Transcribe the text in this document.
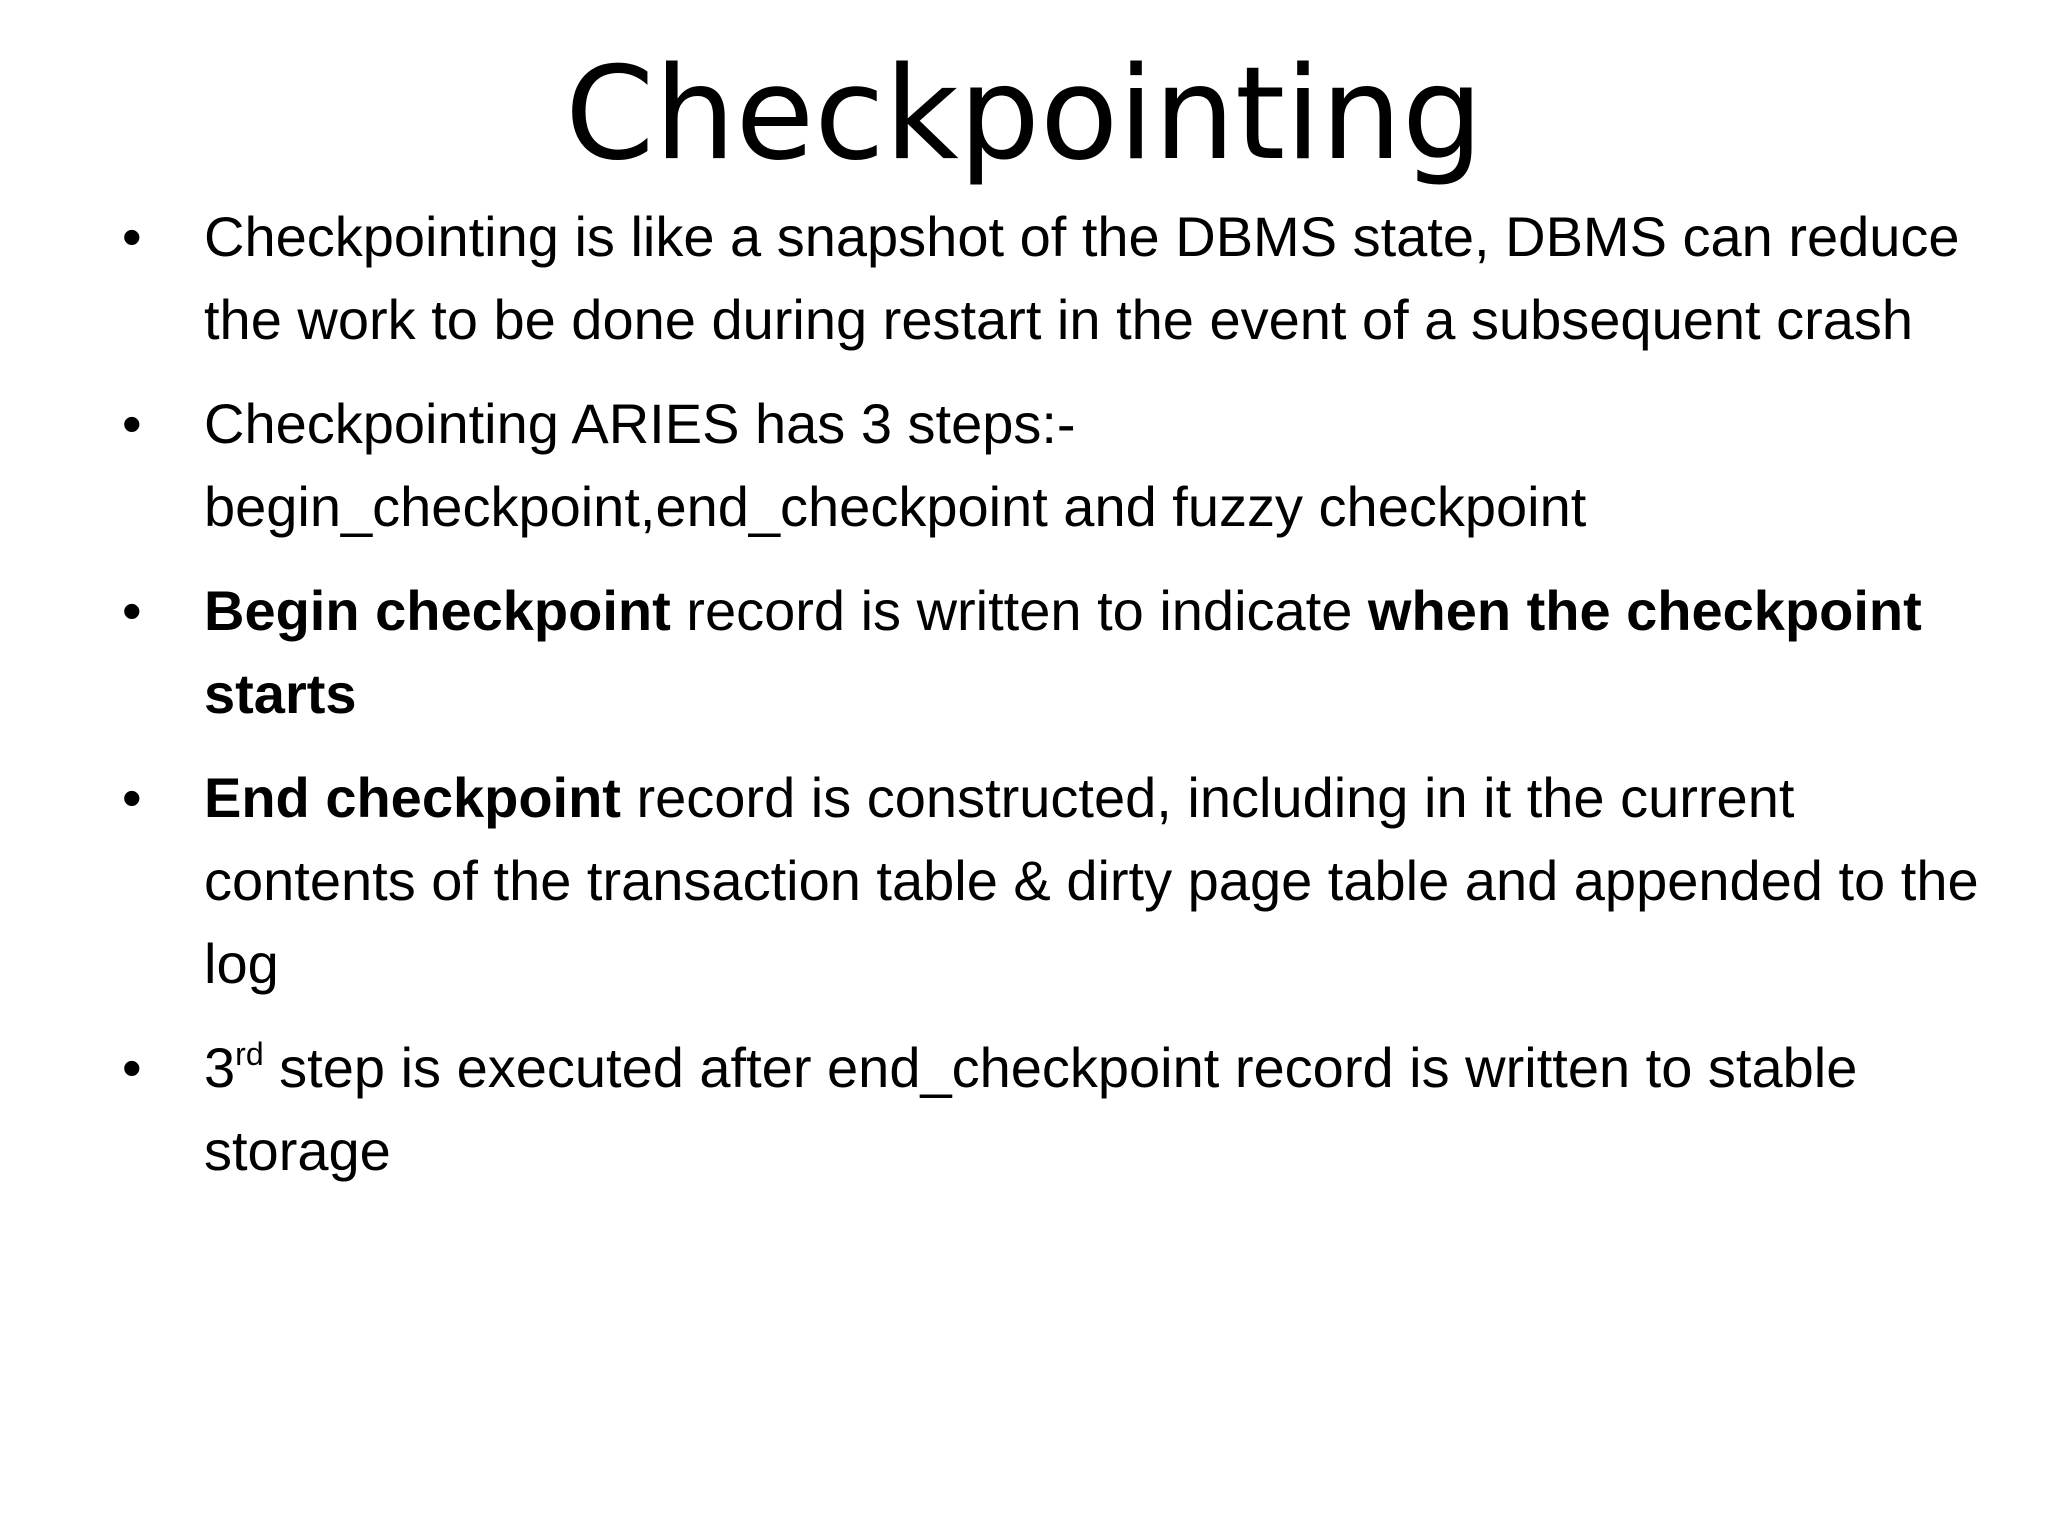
Checkpointing
• Checkpointing is like a snapshot of the DBMS state, DBMS can reduce the work to be done during restart in the event of a subsequent crash
• Checkpointing ARIES has 3 steps:-
begin_checkpoint,end_checkpoint and fuzzy checkpoint
• Begin checkpoint record is written to indicate when the checkpoint starts
• End checkpoint record is constructed, including in it the current contents of the transaction table & dirty page table and appended to the log
• 3rd step is executed after end_checkpoint record is written to stable storage
